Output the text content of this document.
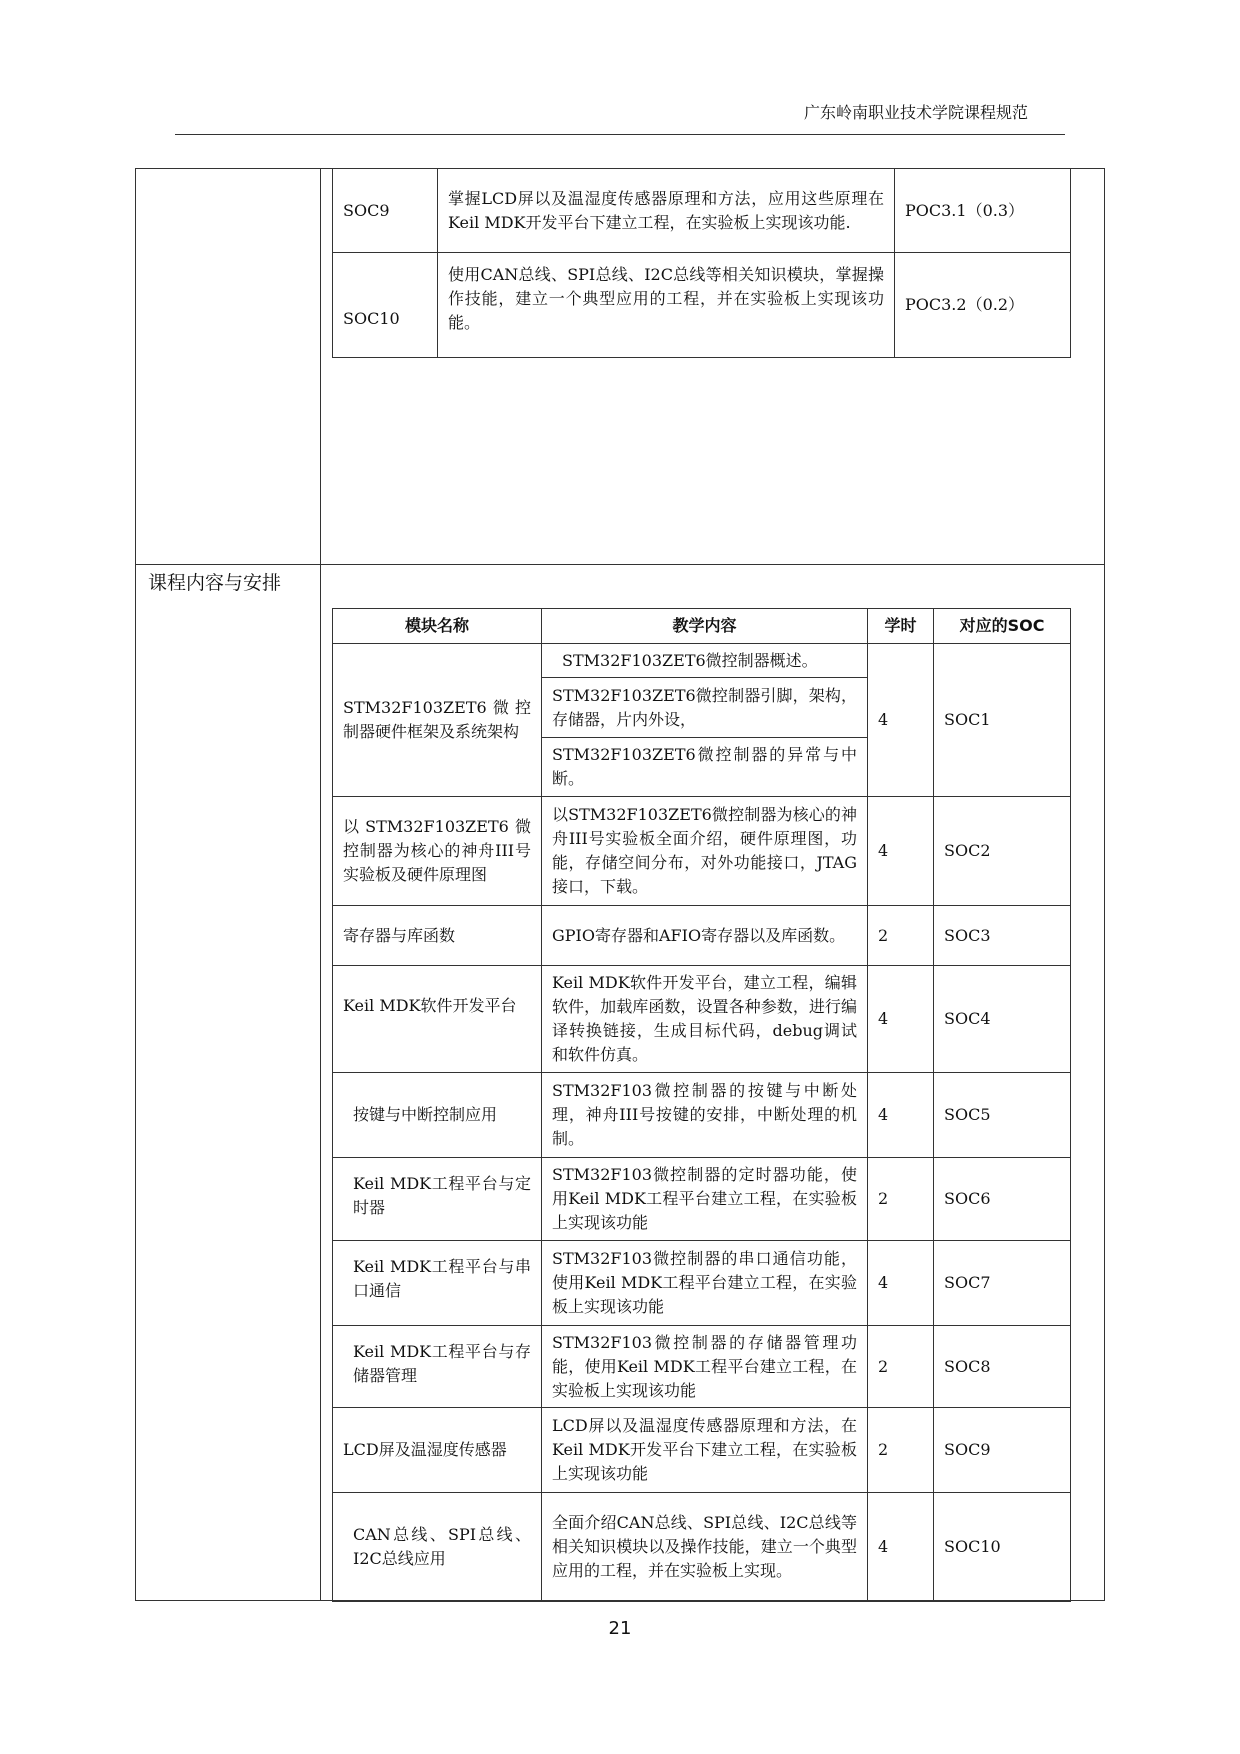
广东岭南职业技术学院课程规范
课程内容与安排
SOC9	掌握LCD屏以及温湿度传感器原理和方法，应用这些原理在Keil MDK开发平台下建立工程，在实验板上实现该功能.	POC3.1（0.3）
SOC10	使用CAN总线、SPI总线、I2C总线等相关知识模块，掌握操作技能，建立一个典型应用的工程，并在实验板上实现该功能。	POC3.2（0.2）
模块名称	教学内容	学时	对应的SOC
STM32F103ZET6微控制器硬件框架及系统架构	STM32F103ZET6微控制器概述。	4	SOC1
	STM32F103ZET6微控制器引脚，架构，存储器，片内外设，		
	STM32F103ZET6微控制器的异常与中断。		
以STM32F103ZET6微控制器为核心的神舟III号实验板及硬件原理图	以STM32F103ZET6微控制器为核心的神舟III号实验板全面介绍，硬件原理图，功能，存储空间分布，对外功能接口，JTAG接口，下载。	4	SOC2
寄存器与库函数	GPIO寄存器和AFIO寄存器以及库函数。	2	SOC3
Keil MDK软件开发平台	Keil MDK软件开发平台，建立工程，编辑软件，加载库函数，设置各种参数，进行编译转换链接，生成目标代码，debug调试和软件仿真。	4	SOC4
按键与中断控制应用	STM32F103微控制器的按键与中断处理，神舟III号按键的安排，中断处理的机制。	4	SOC5
Keil MDK工程平台与定时器	STM32F103微控制器的定时器功能，使用Keil MDK工程平台建立工程，在实验板上实现该功能	2	SOC6
Keil MDK工程平台与串口通信	STM32F103微控制器的串口通信功能，使用Keil MDK工程平台建立工程，在实验板上实现该功能	4	SOC7
Keil MDK工程平台与存储器管理	STM32F103微控制器的存储器管理功能，使用Keil MDK工程平台建立工程，在实验板上实现该功能	2	SOC8
LCD屏及温湿度传感器	LCD屏以及温湿度传感器原理和方法，在Keil MDK开发平台下建立工程，在实验板上实现该功能	2	SOC9
CAN总线、SPI总线、I2C总线应用	全面介绍CAN总线、SPI总线、I2C总线等相关知识模块以及操作技能，建立一个典型应用的工程，并在实验板上实现。	4	SOC10
21
